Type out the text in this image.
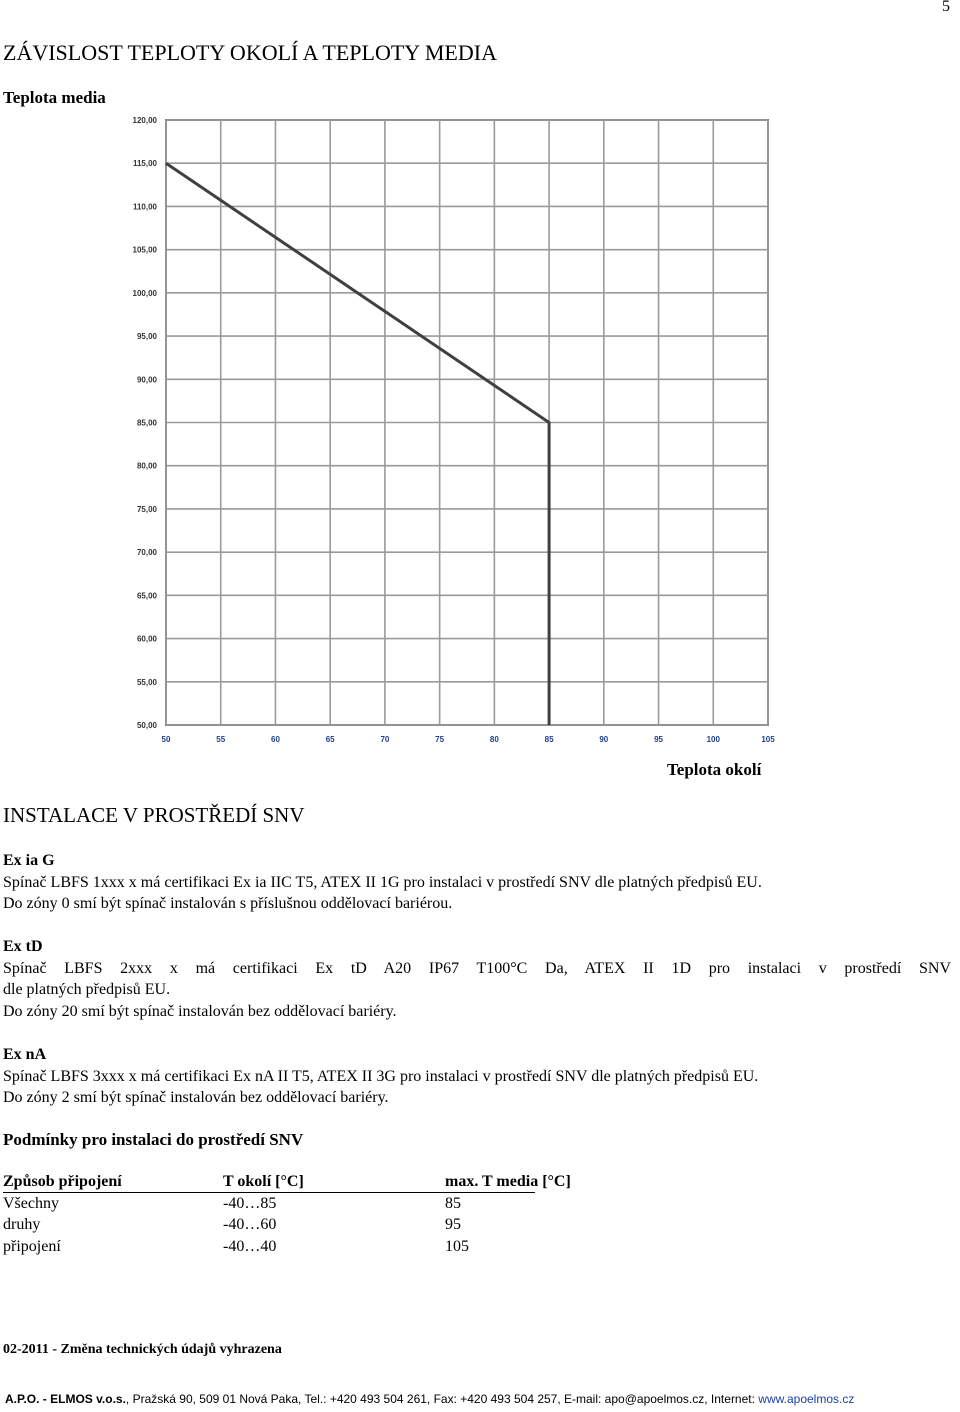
5
ZÁVISLOST TEPLOTY OKOLÍ A TEPLOTY MEDIA
Teplota media
50	55	60	65	70	75	80	85	90	95	100	105
120,00
115,00
110,00
105,00
100,00
95,00
90,00
85,00
80,00
75,00
70,00
65,00
60,00
55,00
50,00
Teplota okolí
INSTALACE V PROSTŘEDÍ SNV
Ex ia G
Spínač LBFS 1xxx x má certifikaci Ex ia IIC T5, ATEX II 1G pro instalaci v prostředí SNV dle platných předpisů EU.
Do zóny 0 smí být spínač instalován s příslušnou oddělovací bariérou.
Ex tD
Spínač LBFS 2xxx x má certifikaci Ex tD A20 IP67 T100°C Da, ATEX II 1D pro instalaci v prostředí SNV
dle platných předpisů EU.
Do zóny 20 smí být spínač instalován bez oddělovací bariéry.
Ex nA
Spínač LBFS 3xxx x má certifikaci Ex nA II T5, ATEX II 3G pro instalaci v prostředí SNV dle platných předpisů EU.
Do zóny 2 smí být spínač instalován bez oddělovací bariéry.
Podmínky pro instalaci do prostředí SNV
Způsob připojení	T okolí [°C]	max. T media [°C]
Všechny	-40…85	85
druhy	-40…60	95
připojení	-40…40	105
02-2011 - Změna technických údajů vyhrazena
A.P.O. - ELMOS v.o.s., Pražská 90, 509 01 Nová Paka, Tel.: +420 493 504 261, Fax: +420 493 504 257, E-mail: apo@apoelmos.cz, Internet: www.apoelmos.cz
